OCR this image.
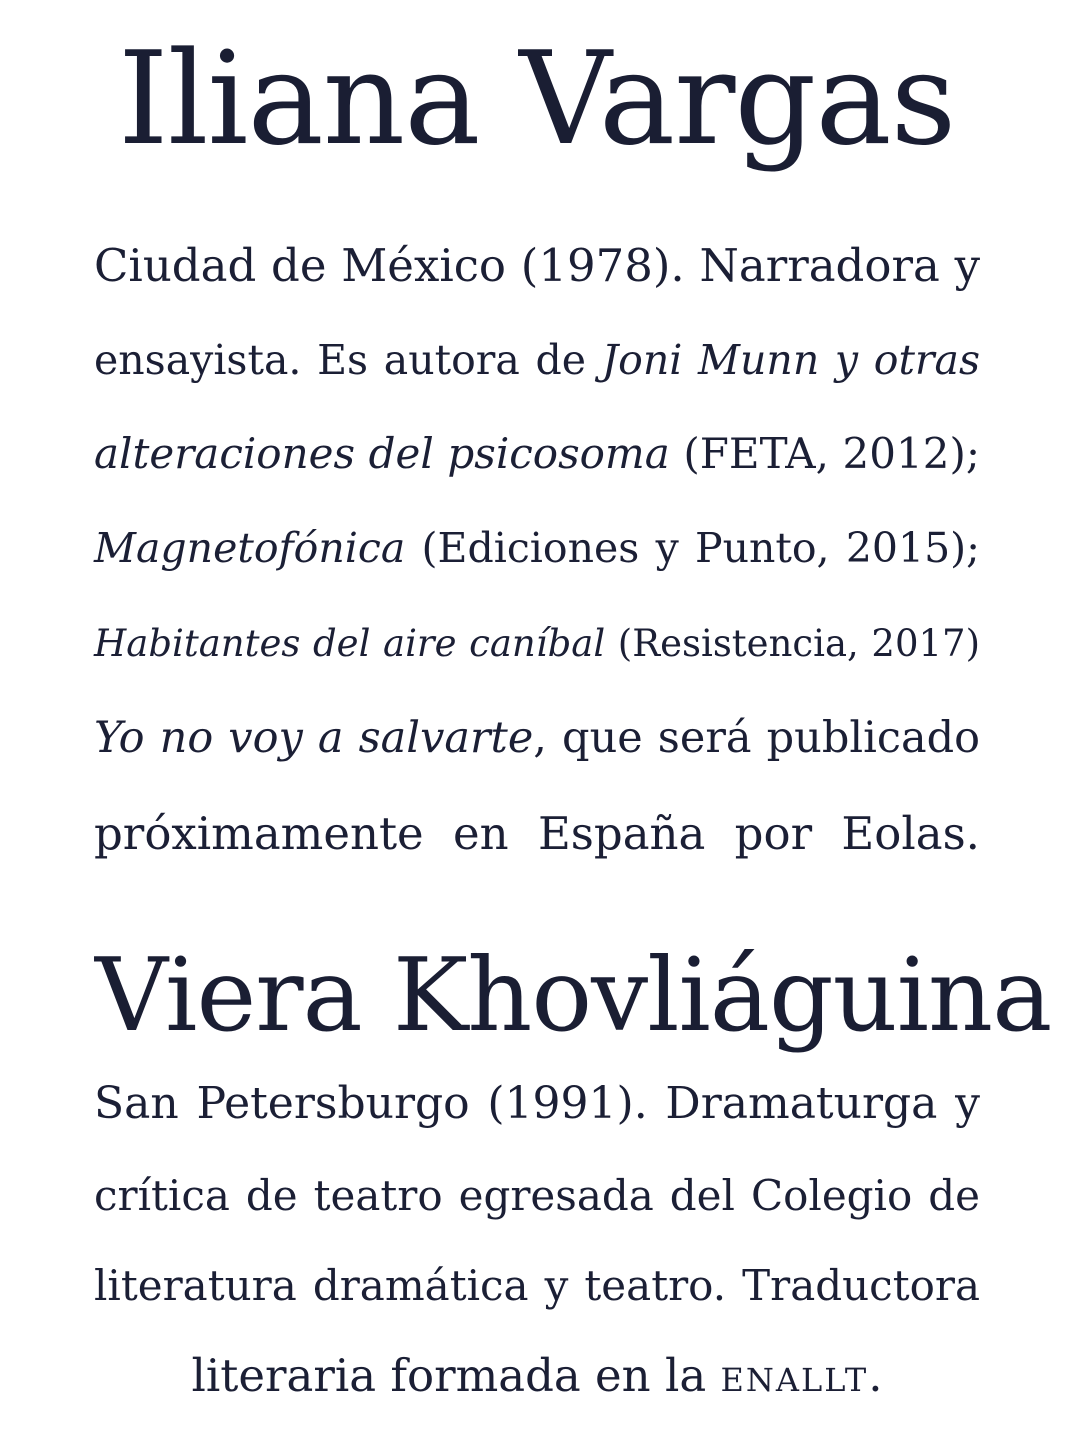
Iliana Vargas
Ciudad de México (1978). Narradora y
ensayista. Es autora de Joni Munn y otras
alteraciones del psicosoma (FETA, 2012);
Magnetofónica (Ediciones y Punto, 2015);
Habitantes del aire caníbal (Resistencia, 2017)
Yo no voy a salvarte, que será publicado
próximamente en España por Eolas.
Viera Khovliáguina
San Petersburgo (1991). Dramaturga y
crítica de teatro egresada del Colegio de
literatura dramática y teatro. Traductora
literaria formada en la enallt.
